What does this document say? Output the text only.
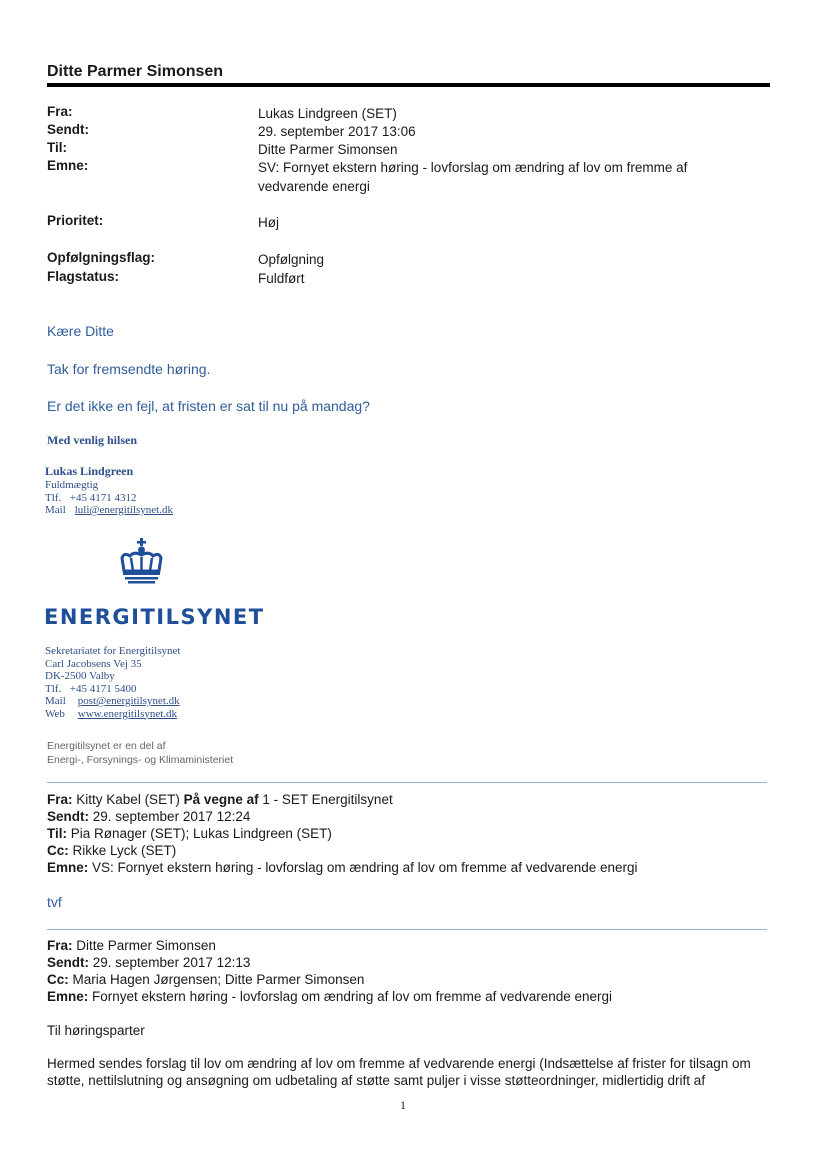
Ditte Parmer Simonsen
Fra:
Sendt:
Til:
Emne:
Prioritet:
Opfølgningsflag:
Flagstatus:
Lukas Lindgreen (SET)
29. september 2017 13:06
Ditte Parmer Simonsen
SV: Fornyet ekstern høring - lovforslag om ændring af lov om fremme af vedvarende energi
Høj
Opfølgning
Fuldført
Kære Ditte
Tak for fremsendte høring.
Er det ikke en fejl, at fristen er sat til nu på mandag?
Med venlig hilsen
Lukas Lindgreen
Fuldmægtig
Tlf. +45 4171 4312
Mail luli@energitilsynet.dk
ENERGITILSYNET
Sekretariatet for Energitilsynet
Carl Jacobsens Vej 35
DK-2500 Valby
Tlf. +45 4171 5400
Mail post@energitilsynet.dk
Web www.energitilsynet.dk
Energitilsynet er en del af
Energi-, Forsynings- og Klimaministeriet
Fra: Kitty Kabel (SET) På vegne af 1 - SET Energitilsynet
Sendt: 29. september 2017 12:24
Til: Pia Rønager (SET); Lukas Lindgreen (SET)
Cc: Rikke Lyck (SET)
Emne: VS: Fornyet ekstern høring - lovforslag om ændring af lov om fremme af vedvarende energi
tvf
Fra: Ditte Parmer Simonsen
Sendt: 29. september 2017 12:13
Cc: Maria Hagen Jørgensen; Ditte Parmer Simonsen
Emne: Fornyet ekstern høring - lovforslag om ændring af lov om fremme af vedvarende energi
Til høringsparter
Hermed sendes forslag til lov om ændring af lov om fremme af vedvarende energi (Indsættelse af frister for tilsagn om støtte, nettilslutning og ansøgning om udbetaling af støtte samt puljer i visse støtteordninger, midlertidig drift af
1
